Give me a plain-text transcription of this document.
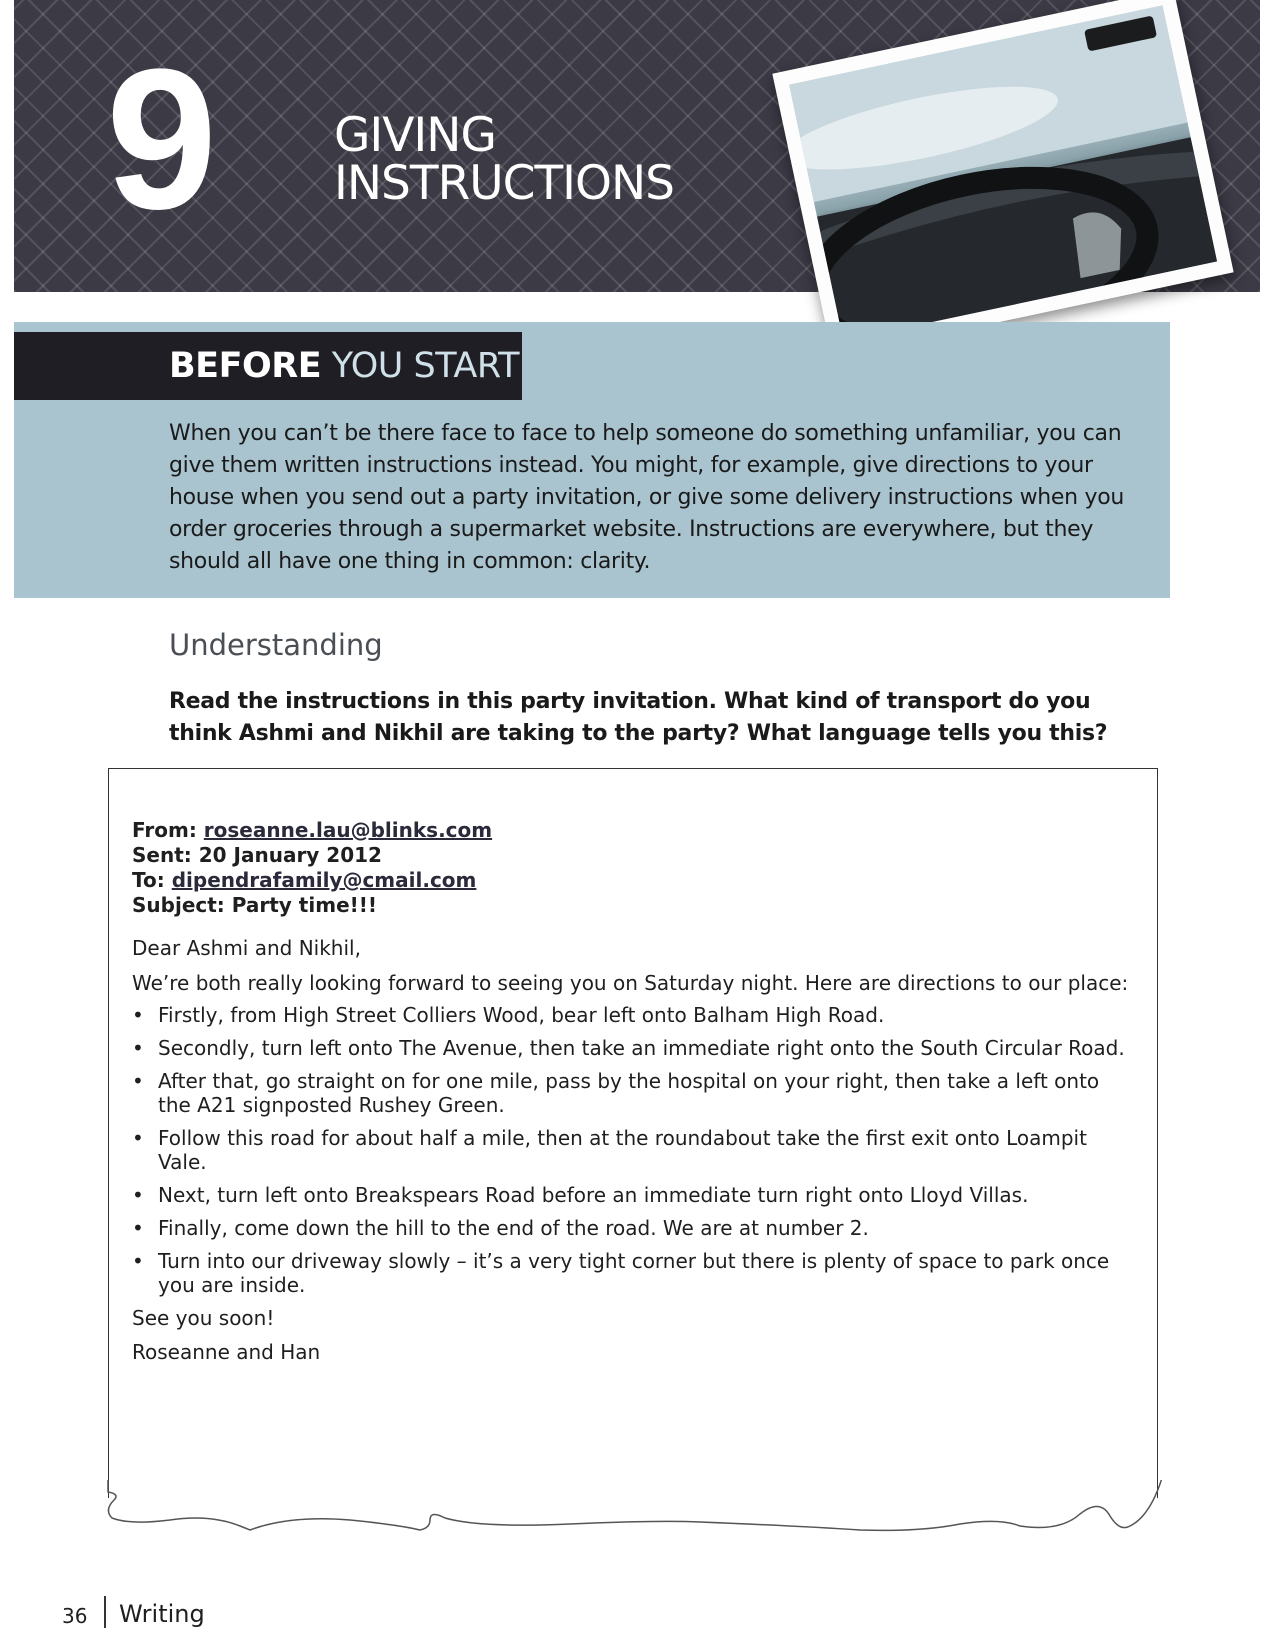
9	GIVING
INSTRUCTIONS
BEFORE YOU START
When you can’t be there face to face to help someone do something unfamiliar, you can give them written instructions instead. You might, for example, give directions to your house when you send out a party invitation, or give some delivery instructions when you order groceries through a supermarket website. Instructions are everywhere, but they should all have one thing in common: clarity.
Understanding
Read the instructions in this party invitation. What kind of transport do you think Ashmi and Nikhil are taking to the party? What language tells you this?
From: roseanne.lau@blinks.com
Sent: 20 January 2012
To: dipendrafamily@cmail.com
Subject: Party time!!!
Dear Ashmi and Nikhil,
We’re both really looking forward to seeing you on Saturday night. Here are directions to our place:
• Firstly, from High Street Colliers Wood, bear left onto Balham High Road.
• Secondly, turn left onto The Avenue, then take an immediate right onto the South Circular Road.
• After that, go straight on for one mile, pass by the hospital on your right, then take a left onto the A21 signposted Rushey Green.
• Follow this road for about half a mile, then at the roundabout take the first exit onto Loampit Vale.
• Next, turn left onto Breakspears Road before an immediate turn right onto Lloyd Villas.
• Finally, come down the hill to the end of the road. We are at number 2.
• Turn into our driveway slowly – it’s a very tight corner but there is plenty of space to park once you are inside.
See you soon!
Roseanne and Han
36 Writing
